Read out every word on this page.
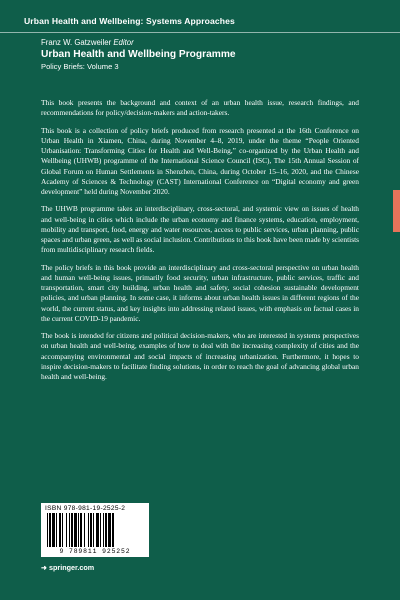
Urban Health and Wellbeing: Systems Approaches
Franz W. Gatzweiler Editor
Urban Health and Wellbeing Programme
Policy Briefs: Volume 3

This book presents the background and context of an urban health issue, research findings, and recommendations for policy/decision-makers and action-takers.

This book is a collection of policy briefs produced from research presented at the 16th Conference on Urban Health in Xiamen, China, during November 4–8, 2019, under the theme “People Oriented Urbanisation: Transforming Cities for Health and Well-Being,” co-organized by the Urban Health and Wellbeing (UHWB) programme of the International Science Council (ISC), The 15th Annual Session of Global Forum on Human Settlements in Shenzhen, China, during October 15–16, 2020, and the Chinese Academy of Sciences & Technology (CAST) International Conference on “Digital economy and green development” held during November 2020.

The UHWB programme takes an interdisciplinary, cross-sectoral, and systemic view on issues of health and well-being in cities which include the urban economy and finance systems, education, employment, mobility and transport, food, energy and water resources, access to public services, urban planning, public spaces and urban green, as well as social inclusion. Contributions to this book have been made by scientists from multidisciplinary research fields.

The policy briefs in this book provide an interdisciplinary and cross-sectoral perspective on urban health and human well-being issues, primarily food security, urban infrastructure, public services, traffic and transportation, smart city building, urban health and safety, social cohesion sustainable development policies, and urban planning. In some case, it informs about urban health issues in different regions of the world, the current status, and key insights into addressing related issues, with emphasis on factual cases in the current COVID-19 pandemic.

The book is intended for citizens and political decision-makers, who are interested in systems perspectives on urban health and well-being, examples of how to deal with the increasing complexity of cities and the accompanying environmental and social impacts of increasing urbanization. Furthermore, it hopes to inspire decision-makers to facilitate finding solutions, in order to reach the goal of advancing global urban health and well-being.

ISBN 978-981-19-2525-2
9 789811 925252
➜ springer.com
